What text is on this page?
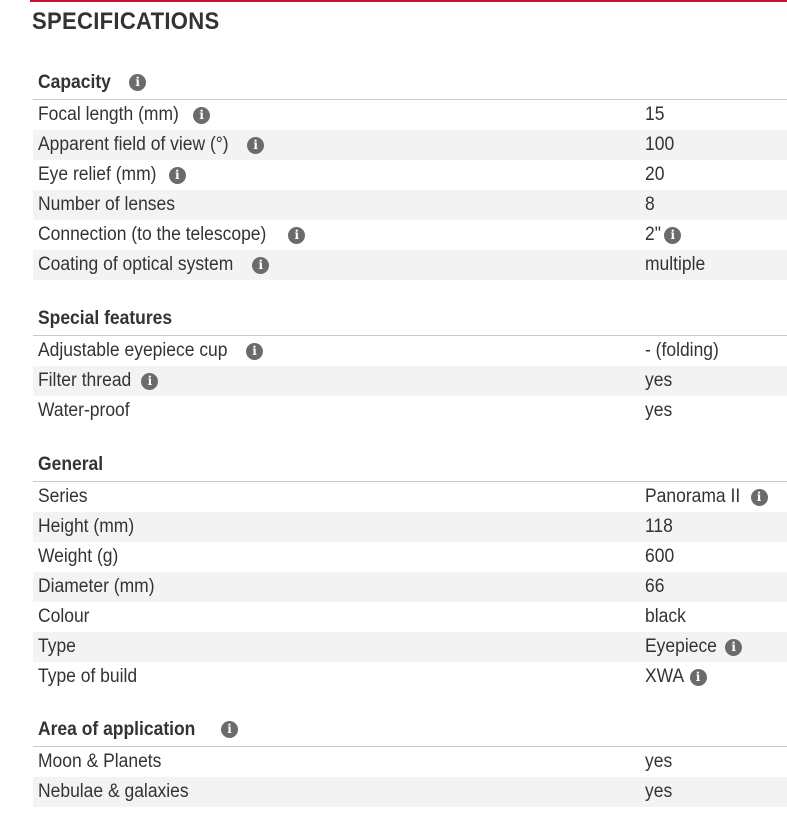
SPECIFICATIONS
Capacity	i
Focal length (mm)	i	15
Apparent field of view (°)	i	100
Eye relief (mm)	i	20
Number of lenses	8
Connection (to the telescope)	i	2" i
Coating of optical system	i	multiple
Special features
Adjustable eyepiece cup	i	- (folding)
Filter thread	i	yes
Water-proof	yes
General
Series	Panorama II	i
Height (mm)	118
Weight (g)	600
Diameter (mm)	66
Colour	black
Type	Eyepiece	i
Type of build	XWA i
Area of application	i
Moon & Planets	yes
Nebulae & galaxies	yes
